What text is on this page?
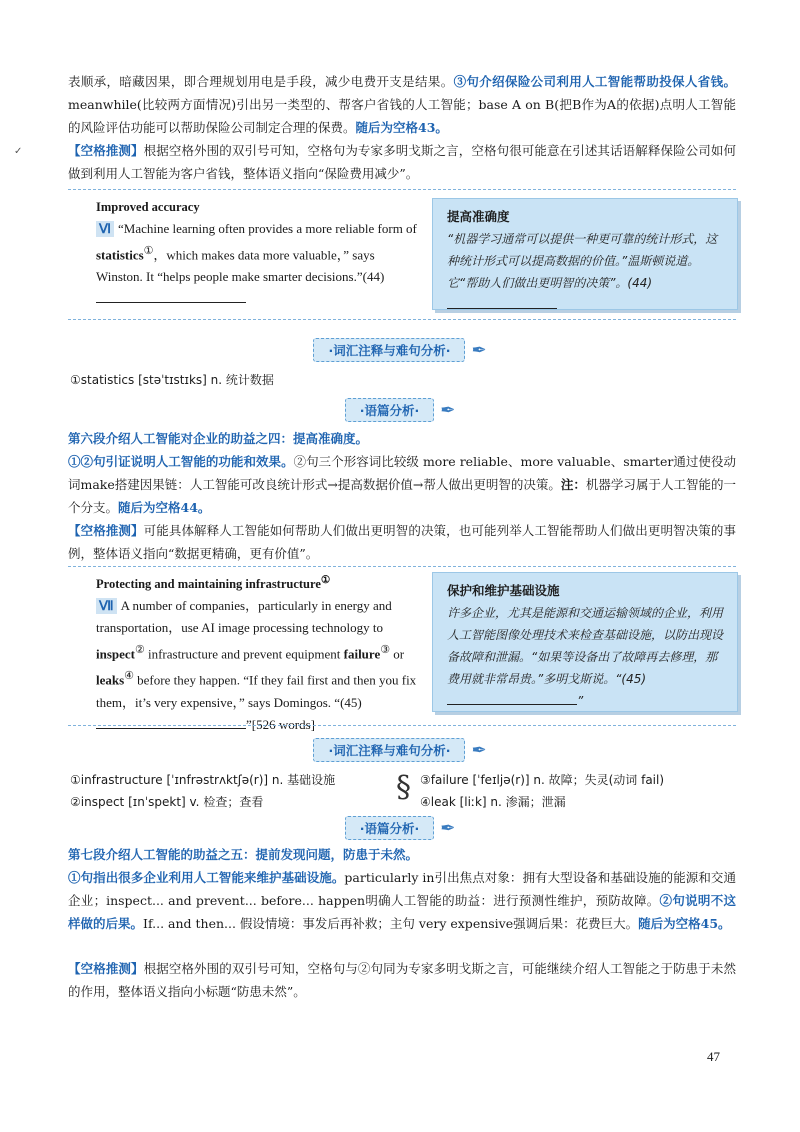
✓

表顺承，暗藏因果，即合理规划用电是手段，减少电费开支是结果。③句介绍保险公司利用人工智能帮助投保人省钱。meanwhile(比较两方面情况)引出另一类型的、帮客户省钱的人工智能；base A on B(把B作为A的依据)点明人工智能的风险评估功能可以帮助保险公司制定合理的保费。随后为空格43。

【空格推测】根据空格外围的双引号可知，空格句为专家多明戈斯之言，空格句很可能意在引述其话语解释保险公司如何做到利用人工智能为客户省钱，整体语义指向“保险费用减少”。

Improved accuracy
Ⅵ “Machine learning often provides a more reliable form of statistics①，which makes data more valuable，” says Winston. It “helps people make smarter decisions.”(44)
提高准确度
“机器学习通常可以提供一种更可靠的统计形式，这种统计形式可以提高数据的价值。”温斯顿说道。它“帮助人们做出更明智的决策”。(44)
·词汇注释与难句分析· ✒
①statistics [stəˈtɪstɪks] n. 统计数据
·语篇分析· ✒

第六段介绍人工智能对企业的助益之四：提高准确度。
①②句引证说明人工智能的功能和效果。②句三个形容词比较级 more reliable、more valuable、smarter通过使役动词make搭建因果链：人工智能可改良统计形式→提高数据价值→帮人做出更明智的决策。注：机器学习属于人工智能的一个分支。随后为空格44。

【空格推测】可能具体解释人工智能如何帮助人们做出更明智的决策，也可能列举人工智能帮助人们做出更明智决策的事例，整体语义指向“数据更精确，更有价值”。

Protecting and maintaining infrastructure①
Ⅶ A number of companies，particularly in energy and transportation，use AI image processing technology to inspect② infrastructure and prevent equipment failure③ or leaks④ before they happen. “If they fail first and then you fix them，it’s very expensive，” says Domingos. “(45)”[526 words]
保护和维护基础设施
许多企业，尤其是能源和交通运输领域的企业，利用人工智能图像处理技术来检查基础设施，以防出现设备故障和泄漏。“如果等设备出了故障再去修理，那费用就非常昂贵。”多明戈斯说。“(45)”
·词汇注释与难句分析· ✒
①infrastructure [ˈɪnfrəstrʌktʃə(r)] n. 基础设施
②inspect [ɪnˈspekt] v. 检查；查看	§ ③failure [ˈfeɪljə(r)] n. 故障；失灵(动词 fail)
④leak [liːk] n. 渗漏；泄漏
·语篇分析· ✒

第七段介绍人工智能的助益之五：提前发现问题，防患于未然。
①句指出很多企业利用人工智能来维护基础设施。particularly in引出焦点对象：拥有大型设备和基础设施的能源和交通企业；inspect... and prevent... before... happen明确人工智能的助益：进行预测性维护，预防故障。②句说明不这样做的后果。If... and then... 假设情境：事发后再补救；主句 very expensive强调后果：花费巨大。随后为空格45。

【空格推测】根据空格外围的双引号可知，空格句与②句同为专家多明戈斯之言，可能继续介绍人工智能之于防患于未然的作用，整体语义指向小标题“防患未然”。

47
